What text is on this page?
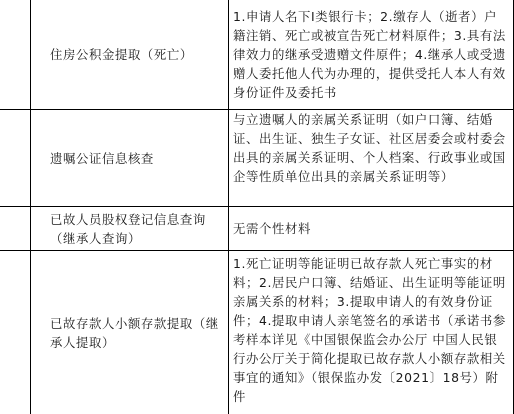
住房公积金提取（死亡）
1.申请人名下Ⅰ类银行卡；2.缴存人（逝者）户籍注销、死亡或被宣告死亡材料原件；3.具有法律效力的继承受遗赠文件原件；4.继承人或受遗赠人委托他人代为办理的，提供受托人本人有效身份证件及委托书
遗嘱公证信息核查
与立遗嘱人的亲属关系证明（如户口簿、结婚证、出生证、独生子女证、社区居委会或村委会出具的亲属关系证明、个人档案、行政事业或国企等性质单位出具的亲属关系证明等）
已故人员股权登记信息查询（继承人查询）
无需个性材料
已故存款人小额存款提取（继承人提取）
1.死亡证明等能证明已故存款人死亡事实的材料；2.居民户口簿、结婚证、出生证明等能证明亲属关系的材料；3.提取申请人的有效身份证件；4.提取申请人亲笔签名的承诺书（承诺书参考样本详见《中国银保监会办公厅 中国人民银行办公厅关于简化提取已故存款人小额存款相关事宜的通知》（银保监办发〔2021〕18号）附件
